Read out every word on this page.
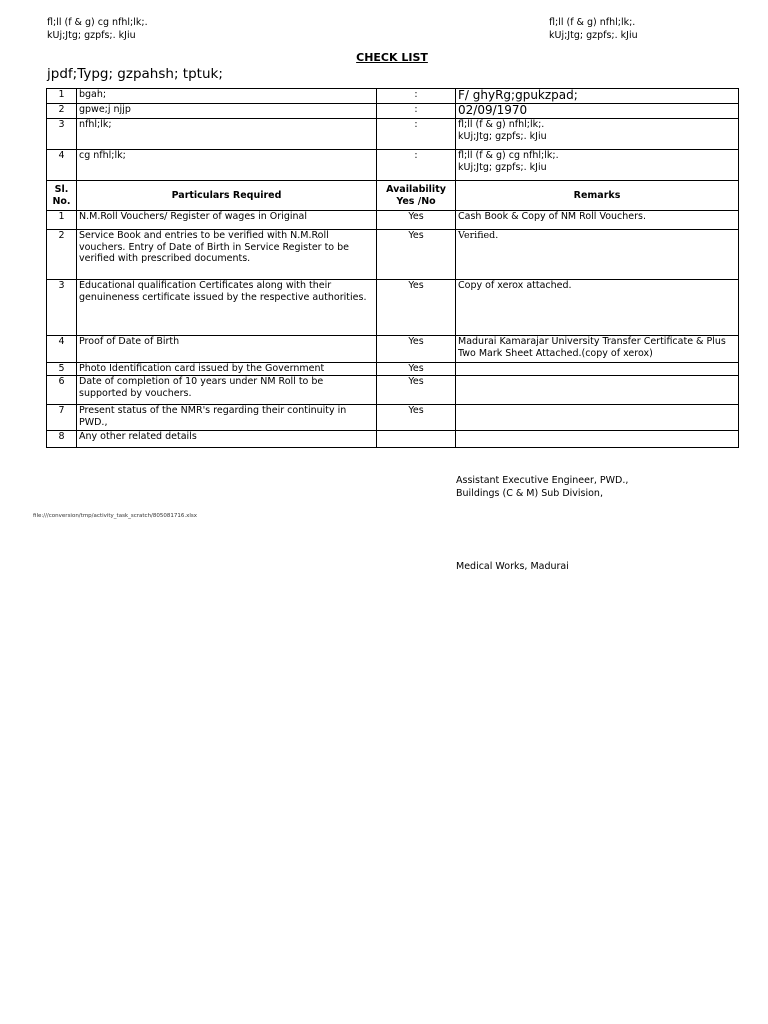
fl;ll (f & g) cg nfhl;lk;.
kUj;Jtg; gzpfs;. kJiu
fl;ll (f & g) nfhl;lk;.
kUj;Jtg; gzpfs;. kJiu
CHECK LIST
jpdf;Typg; gzpahsh; tptuk;
1	bgah;	:	F/ ghyRg;gpukzpad;
2	gpwe;j njjp	:	02/09/1970
3	nfhl;lk;	:	fl;ll (f & g) nfhl;lk;.
kUj;Jtg; gzpfs;. kJiu

4	cg nfhl;lk;	:	fl;ll (f & g) cg nfhl;lk;.
kUj;Jtg; gzpfs;. kJiu
Sl. No.	Particulars Required	Availability Yes /No	Remarks
1	N.M.Roll Vouchers/ Register of wages in Original	Yes	Cash Book & Copy of NM Roll Vouchers.
2	Service Book and entries to be verified with N.M.Roll vouchers. Entry of Date of Birth in Service Register to be verified with prescribed documents.	Yes	Verified.
3	Educational qualification Certificates along with their genuineness certificate issued by the respective authorities.	Yes	Copy of xerox attached.
4	Proof of Date of Birth	Yes	Madurai Kamarajar University Transfer Certificate & Plus Two Mark Sheet Attached.(copy of xerox)
5	Photo Identification card issued by the Government	Yes	
6	Date of completion of 10 years under NM Roll to be supported by vouchers.	Yes	
7	Present status of the NMR's regarding their continuity in PWD.,	Yes	
8	Any other related details		
Assistant Executive Engineer, PWD.,
Buildings (C & M) Sub Division,
file:///conversion/tmp/activity_task_scratch/805081716.xlsx
Medical Works, Madurai
